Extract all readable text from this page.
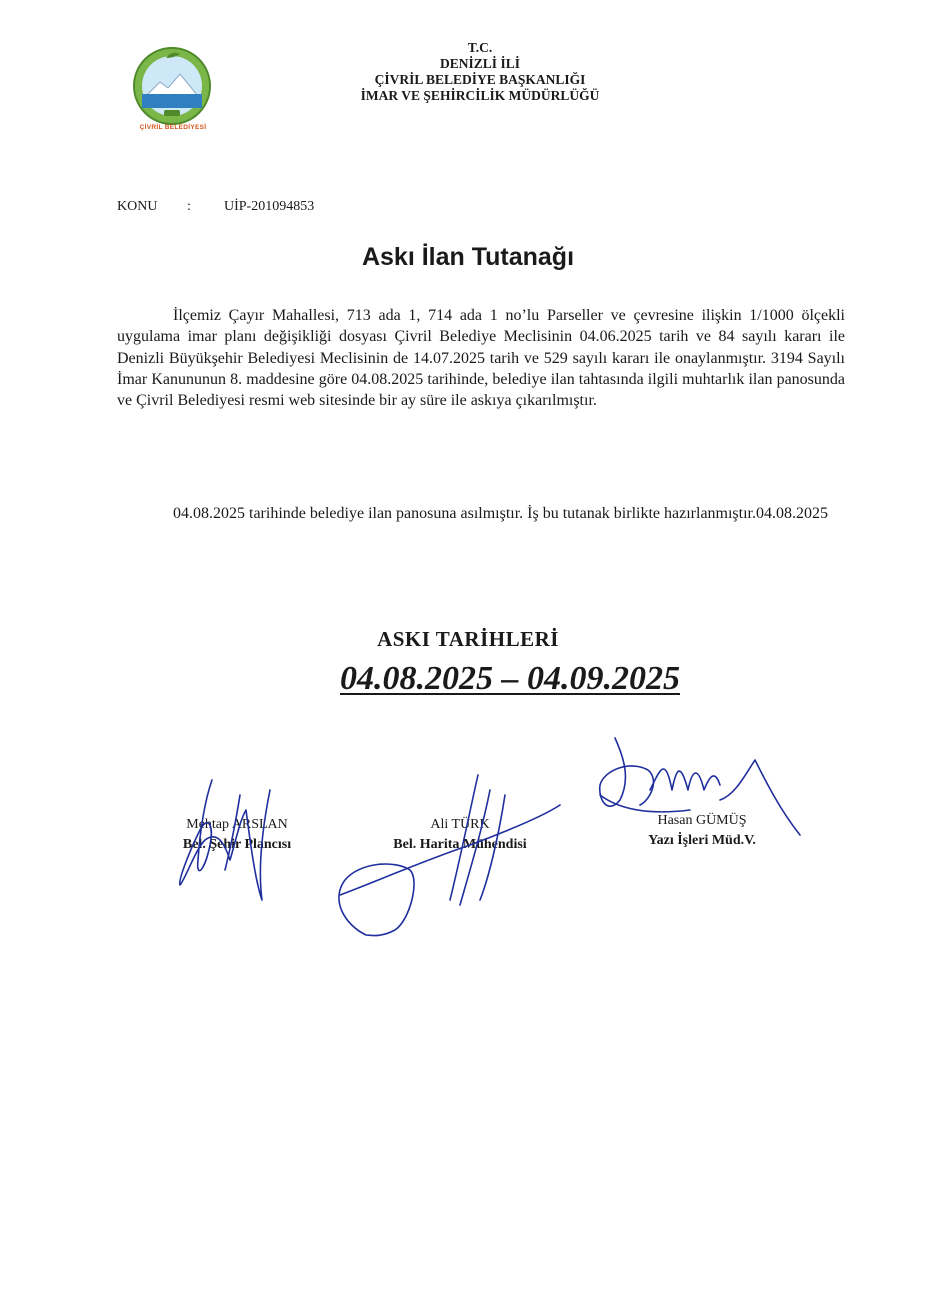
ÇİVRİL BELEDİYESİ
T.C.
DENİZLİ İLİ
ÇİVRİL BELEDİYE BAŞKANLIĞI
İMAR VE ŞEHİRCİLİK MÜDÜRLÜĞÜ
KONU : UİP-201094853
Askı İlan Tutanağı

İlçemiz Çayır Mahallesi, 713 ada 1, 714 ada 1 no’lu Parseller ve çevresine ilişkin 1/1000 ölçekli uygulama imar planı değişikliği dosyası Çivril Belediye Meclisinin 04.06.2025 tarih ve 84 sayılı kararı ile Denizli Büyükşehir Belediyesi Meclisinin de 14.07.2025 tarih ve 529 sayılı kararı ile onaylanmıştır. 3194 Sayılı İmar Kanununun 8. maddesine göre 04.08.2025 tarihinde, belediye ilan tahtasında ilgili muhtarlık ilan panosunda ve Çivril Belediyesi resmi web sitesinde bir ay süre ile askıya çıkarılmıştır.

04.08.2025 tarihinde belediye ilan panosuna asılmıştır. İş bu tutanak birlikte hazırlanmıştır.04.08.2025

ASKI TARİHLERİ
04.08.2025 – 04.09.2025
Mehtap ARSLAN
Bel. Şehir Plancısı
Ali TÜRK
Bel. Harita Mühendisi
Hasan GÜMÜŞ
Yazı İşleri Müd.V.
